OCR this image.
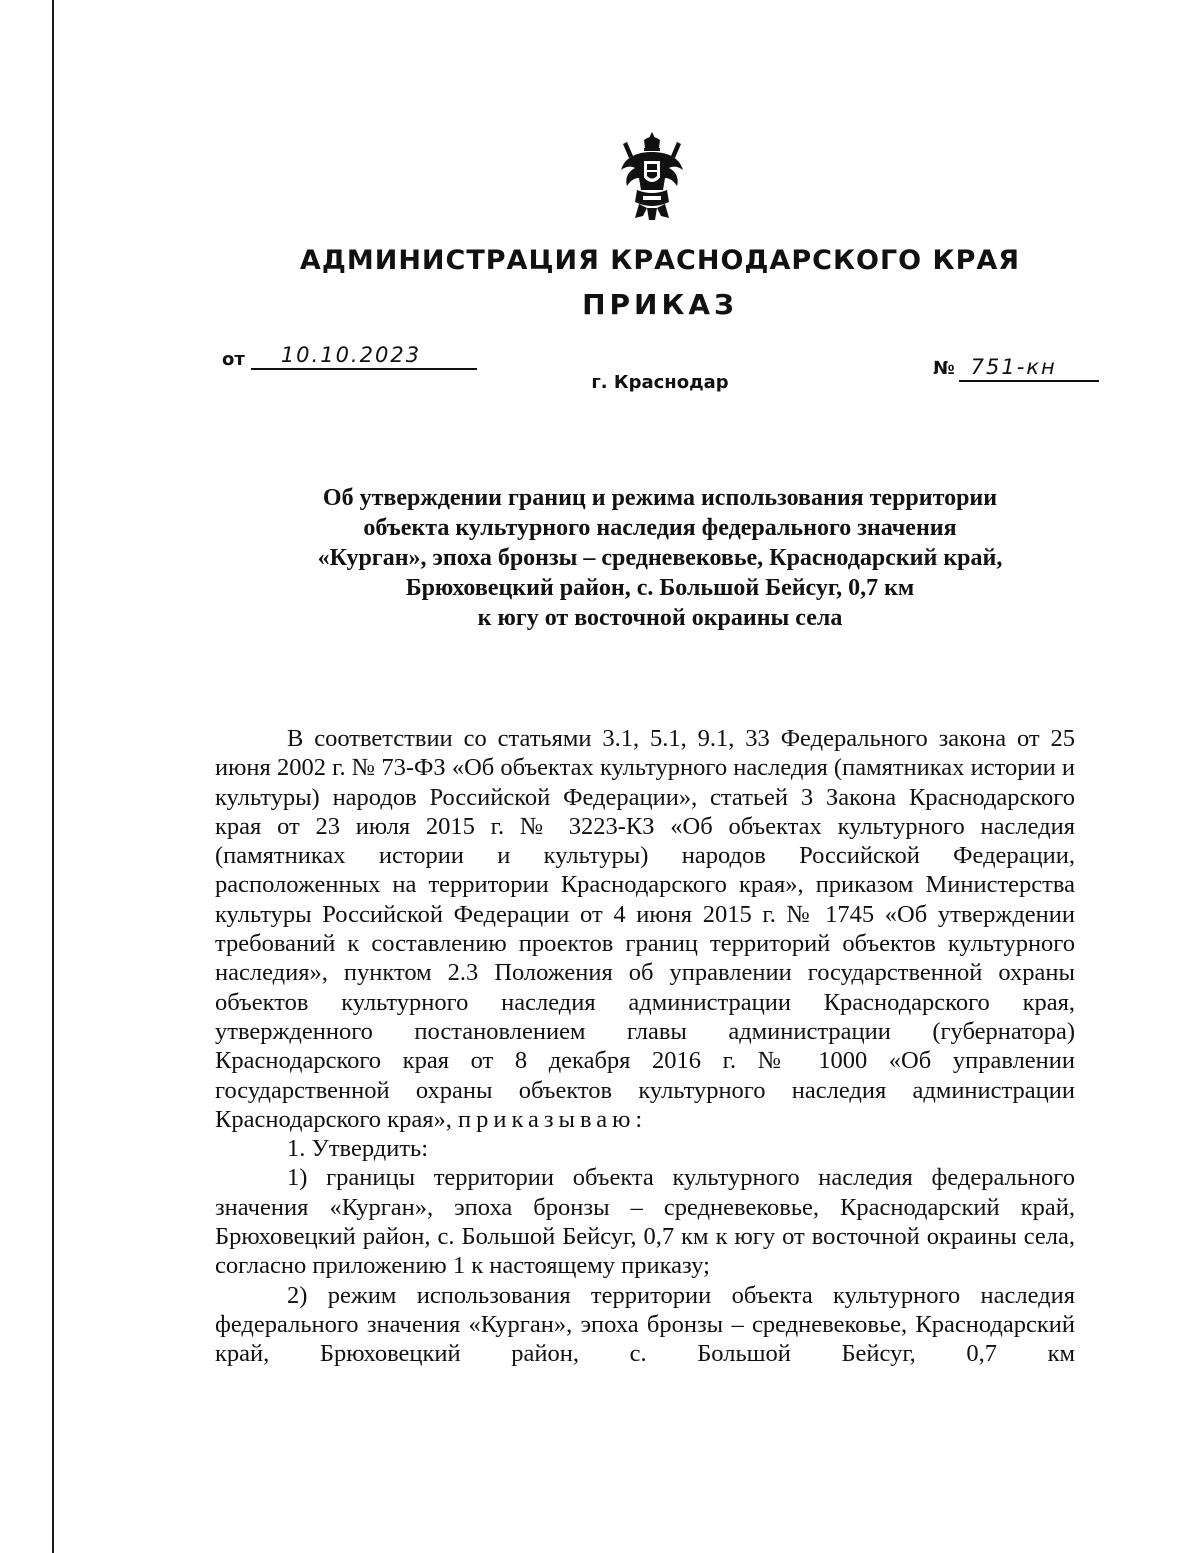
АДМИНИСТРАЦИЯ КРАСНОДАРСКОГО КРАЯ
ПРИКАЗ
от 10.10.2023
№ 751-кн
г. Краснодар
Об утверждении границ и режима использования территории
объекта культурного наследия федерального значения
«Курган», эпоха бронзы – средневековье, Краснодарский край,
Брюховецкий район, с. Большой Бейсуг, 0,7 км
к югу от восточной окраины села

В соответствии со статьями 3.1, 5.1, 9.1, 33 Федерального закона от 25 июня 2002 г. № 73-ФЗ «Об объектах культурного наследия (памятниках истории и культуры) народов Российской Федерации», статьей 3 Закона Краснодарского края от 23 июля 2015 г. № 3223-КЗ «Об объектах культурного наследия (памятниках истории и культуры) народов Российской Федерации, расположенных на территории Краснодарского края», приказом Министерства культуры Российской Федерации от 4 июня 2015 г. № 1745 «Об утверждении требований к составлению проектов границ территорий объектов культурного наследия», пунктом 2.3 Положения об управлении государственной охраны объектов культурного наследия администрации Краснодарского края, утвержденного постановлением главы администрации (губернатора) Краснодарского края от 8 декабря 2016 г. № 1000 «Об управлении государственной охраны объектов культурного наследия администрации Краснодарского края», приказываю:

1. Утвердить:

1) границы территории объекта культурного наследия федерального значения «Курган», эпоха бронзы – средневековье, Краснодарский край, Брюховецкий район, с. Большой Бейсуг, 0,7 км к югу от восточной окраины села, согласно приложению 1 к настоящему приказу;

2) режим использования территории объекта культурного наследия федерального значения «Курган», эпоха бронзы – средневековье, Краснодарский край, Брюховецкий район, с. Большой Бейсуг, 0,7 км
